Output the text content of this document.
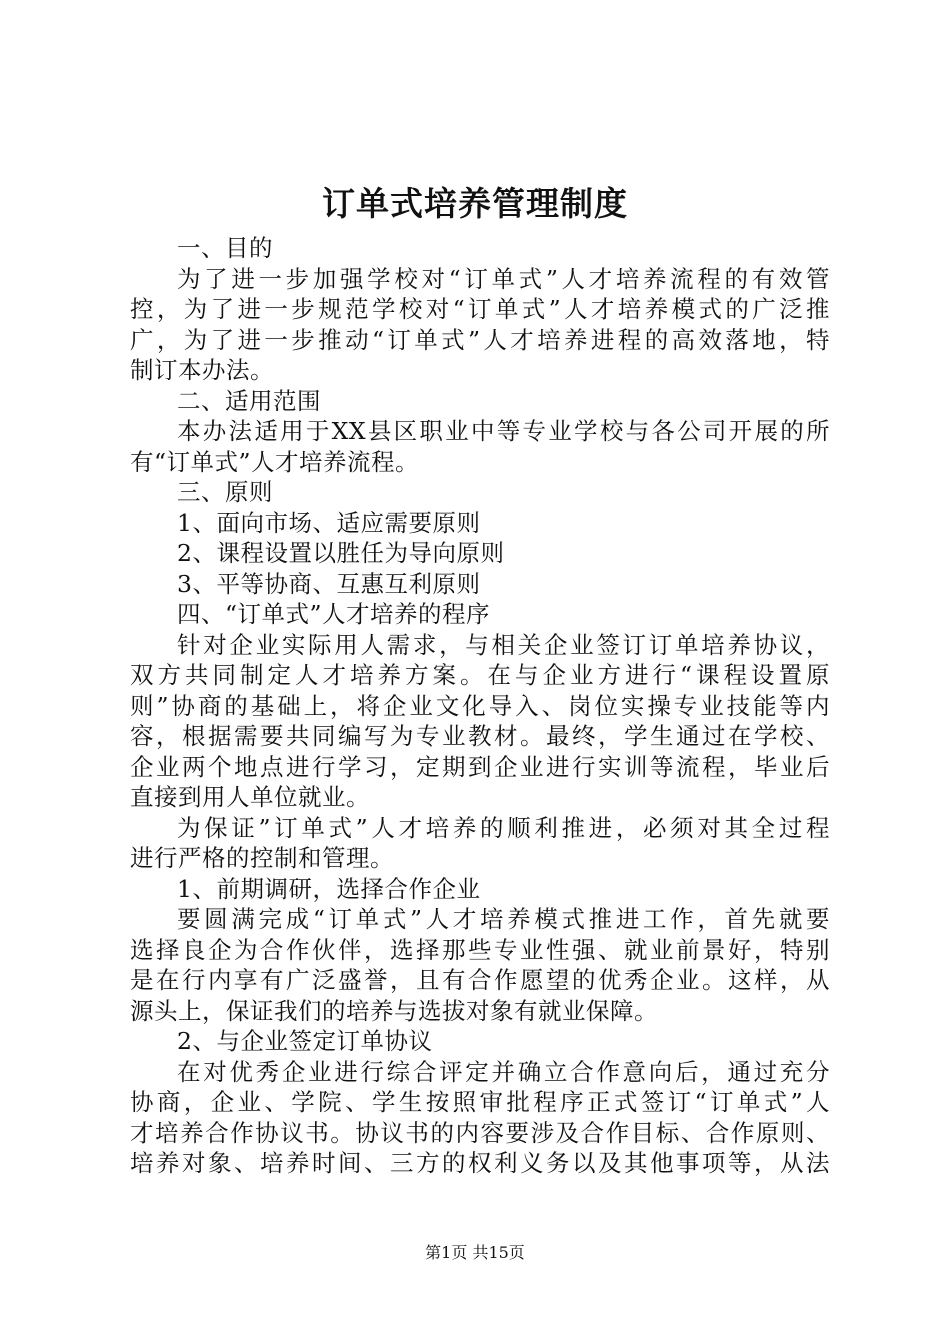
订单式培养管理制度
一、目的
为了进一步加强学校对“订单式”人才培养流程的有效管
控，为了进一步规范学校对“订单式”人才培养模式的广泛推
广，为了进一步推动“订单式”人才培养进程的高效落地，特
制订本办法。
二、适用范围
本办法适用于XX县区职业中等专业学校与各公司开展的所
有“订单式”人才培养流程。
三、原则
1、面向市场、适应需要原则
2、课程设置以胜任为导向原则
3、平等协商、互惠互利原则
四、“订单式”人才培养的程序
针对企业实际用人需求，与相关企业签订订单培养协议，
双方共同制定人才培养方案。在与企业方进行“课程设置原
则”协商的基础上，将企业文化导入、岗位实操专业技能等内
容，根据需要共同编写为专业教材。最终，学生通过在学校、
企业两个地点进行学习，定期到企业进行实训等流程，毕业后
直接到用人单位就业。
为保证”订单式”人才培养的顺利推进，必须对其全过程
进行严格的控制和管理。
1、前期调研，选择合作企业
要圆满完成“订单式”人才培养模式推进工作，首先就要
选择良企为合作伙伴，选择那些专业性强、就业前景好，特别
是在行内享有广泛盛誉，且有合作愿望的优秀企业。这样，从
源头上，保证我们的培养与选拔对象有就业保障。
2、与企业签定订单协议
在对优秀企业进行综合评定并确立合作意向后，通过充分
协商，企业、学院、学生按照审批程序正式签订“订单式”人
才培养合作协议书。协议书的内容要涉及合作目标、合作原则、
培养对象、培养时间、三方的权利义务以及其他事项等，从法
第1页 共15页
